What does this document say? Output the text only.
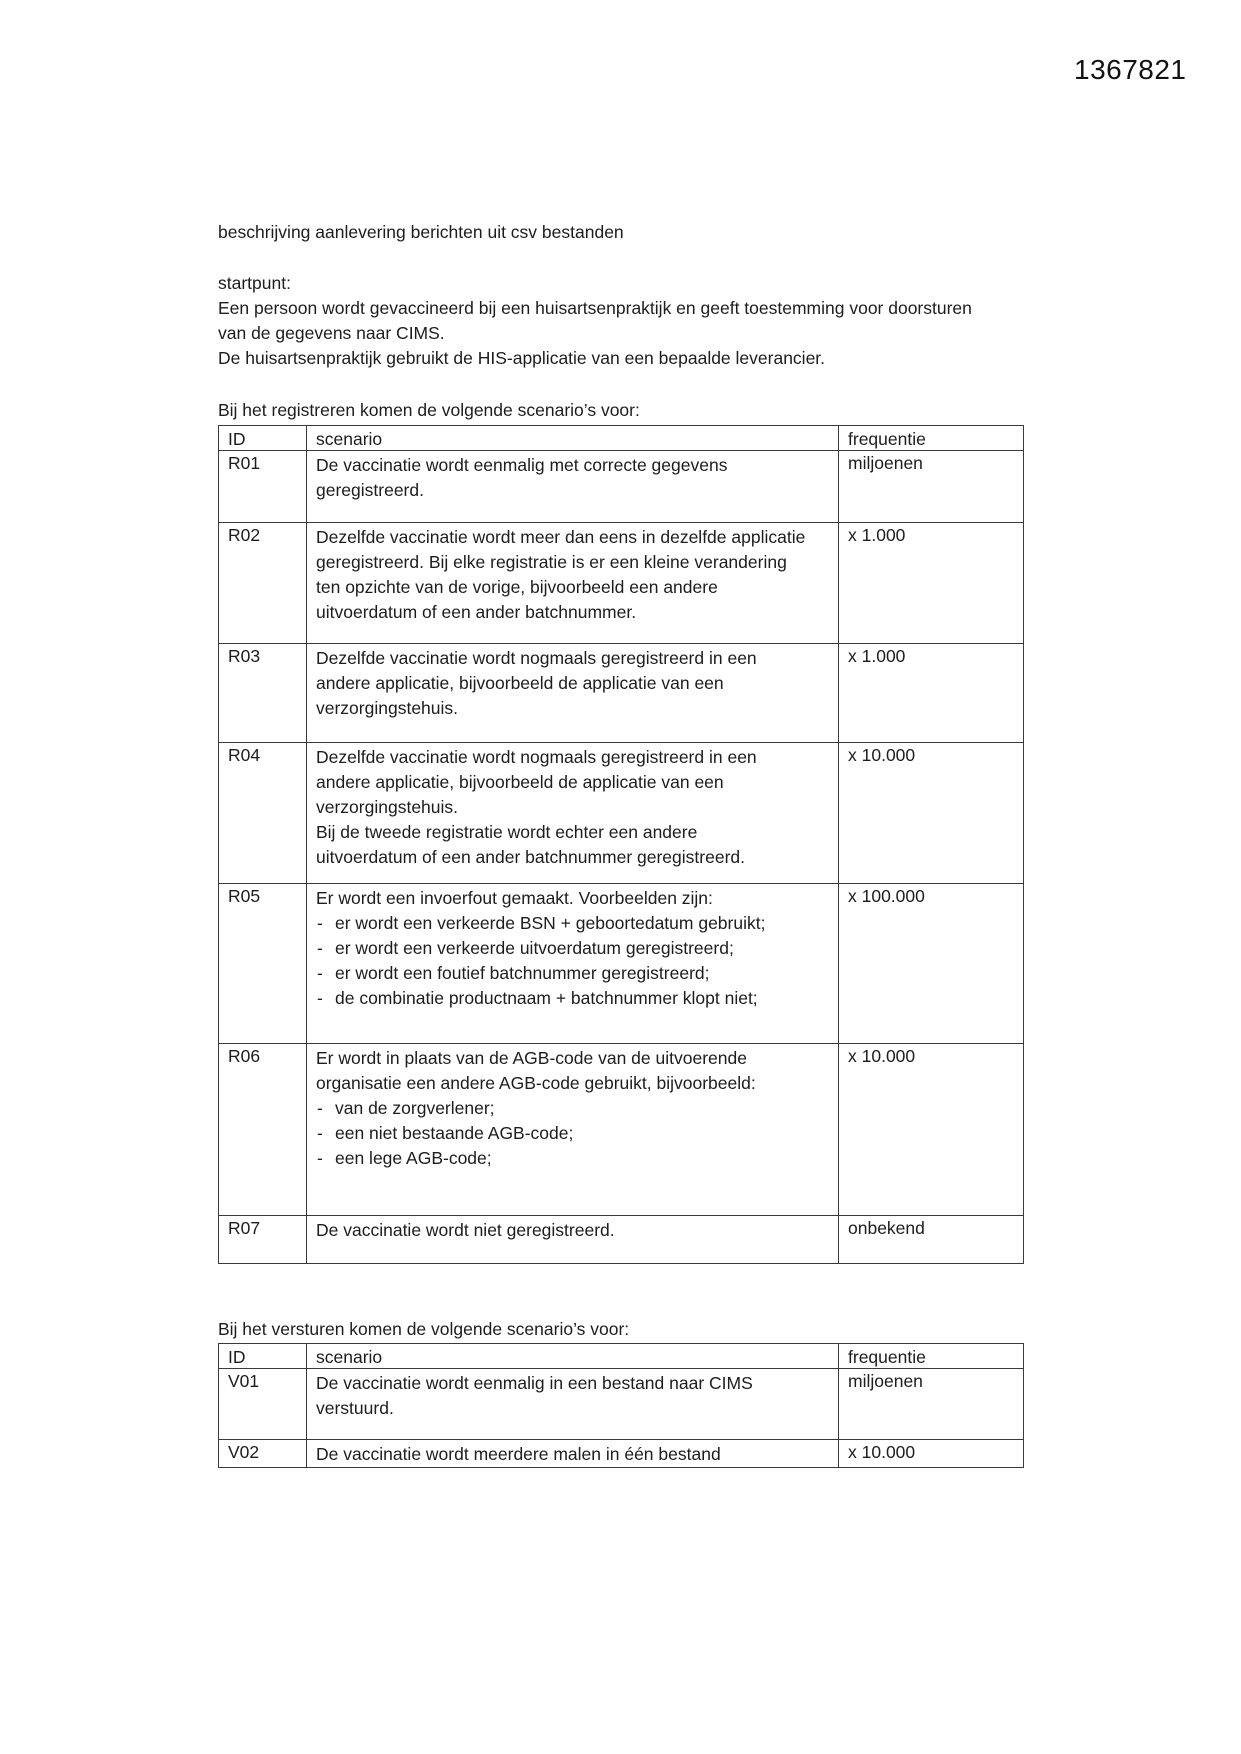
1367821
beschrijving aanlevering berichten uit csv bestanden
startpunt:
Een persoon wordt gevaccineerd bij een huisartsenpraktijk en geeft toestemming voor doorsturen
van de gegevens naar CIMS.
De huisartsenpraktijk gebruikt de HIS-applicatie van een bepaalde leverancier.
Bij het registreren komen de volgende scenario’s voor:
ID	scenario	frequentie
R01	De vaccinatie wordt eenmalig met correcte gegevens
geregistreerd.	miljoenen
R02	Dezelfde vaccinatie wordt meer dan eens in dezelfde applicatie
geregistreerd. Bij elke registratie is er een kleine verandering
ten opzichte van de vorige, bijvoorbeeld een andere
uitvoerdatum of een ander batchnummer.	x 1.000
R03	Dezelfde vaccinatie wordt nogmaals geregistreerd in een
andere applicatie, bijvoorbeeld de applicatie van een
verzorgingstehuis.	x 1.000
R04	Dezelfde vaccinatie wordt nogmaals geregistreerd in een
andere applicatie, bijvoorbeeld de applicatie van een
verzorgingstehuis.
Bij de tweede registratie wordt echter een andere
uitvoerdatum of een ander batchnummer geregistreerd.	x 10.000
R05	Er wordt een invoerfout gemaakt. Voorbeelden zijn:
- er wordt een verkeerde BSN + geboortedatum gebruikt;
- er wordt een verkeerde uitvoerdatum geregistreerd;
- er wordt een foutief batchnummer geregistreerd;
- de combinatie productnaam + batchnummer klopt niet;
	x 100.000
R06	Er wordt in plaats van de AGB-code van de uitvoerende
organisatie een andere AGB-code gebruikt, bijvoorbeeld:
- van de zorgverlener;
- een niet bestaande AGB-code;
- een lege AGB-code;
	x 10.000
R07	De vaccinatie wordt niet geregistreerd.	onbekend
Bij het versturen komen de volgende scenario’s voor:
ID	scenario	frequentie
V01	De vaccinatie wordt eenmalig in een bestand naar CIMS
verstuurd.	miljoenen
V02	De vaccinatie wordt meerdere malen in één bestand	x 10.000
